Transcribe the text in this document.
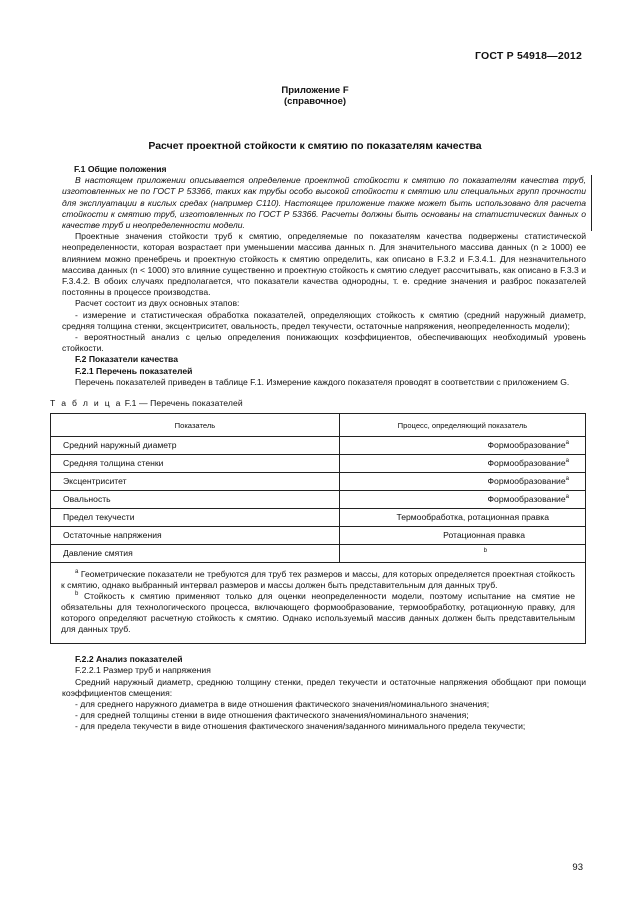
ГОСТ Р 54918—2012
Приложение F
(справочное)
Расчет проектной стойкости к смятию по показателям качества

F.1 Общие положения

В настоящем приложении описывается определение проектной стойкости к смятию по показателям качества труб, изготовленных не по ГОСТ Р 53366, таких как трубы особо высокой стойкости к смятию или специальных групп прочности для эксплуатации в кислых средах (например C110). Настоящее приложение также может быть использовано для расчета стойкости к смятию труб, изготовленных по ГОСТ Р 53366. Расчеты должны быть основаны на статистических данных о качестве труб и неопределенности модели.

Проектные значения стойкости труб к смятию, определяемые по показателям качества подвержены статистической неопределенности, которая возрастает при уменьшении массива данных n. Для значительного массива данных (n ≥ 1000) ее влиянием можно пренебречь и проектную стойкость к смятию определить, как описано в F.3.2 и F.3.4.1. Для незначительного массива данных (n < 1000) это влияние существенно и проектную стойкость к смятию следует рассчитывать, как описано в F.3.3 и F.3.4.2. В обоих случаях предполагается, что показатели качества однородны, т. е. средние значения и разброс показателей постоянны в процессе производства.

Расчет состоит из двух основных этапов:

- измерение и статистическая обработка показателей, определяющих стойкость к смятию (средний наружный диаметр, средняя толщина стенки, эксцентриситет, овальность, предел текучести, остаточные напряжения, неопределенность модели);

- вероятностный анализ с целью определения понижающих коэффициентов, обеспечивающих необходимый уровень стойкости.

F.2 Показатели качества

F.2.1 Перечень показателей

Перечень показателей приведен в таблице F.1. Измерение каждого показателя проводят в соответствии с приложением G.

Т а б л и ц а F.1 — Перечень показателей
Показатель	Процесс, определяющий показатель
Средний наружный диаметр	Формообразование$^a$
Средняя толщина стенки	Формообразование$^a$
Эксцентриситет	Формообразование$^a$
Овальность	Формообразование$^a$
Предел текучести	Термообработка, ротационная правка
Остаточные напряжения	Ротационная правка
Давление смятия	$^b$

$^a$ Геометрические показатели не требуются для труб тех размеров и массы, для которых определяется проектная стойкость к смятию, однако выбранный интервал размеров и массы должен быть представительным для данных труб.

$^b$ Стойкость к смятию применяют только для оценки неопределенности модели, поэтому испытание на смятие не обязательны для технологического процесса, включающего формообразование, термообработку, ротационную правку, для которого определяют расчетную стойкость к смятию. Однако используемый массив данных должен быть представительным для данных труб.	

F.2.2 Анализ показателей

F.2.2.1 Размер труб и напряжения

Средний наружный диаметр, среднюю толщину стенки, предел текучести и остаточные напряжения обобщают при помощи коэффициентов смещения:

- для среднего наружного диаметра в виде отношения фактического значения/номинального значения;

- для средней толщины стенки в виде отношения фактического значения/номинального значения;

- для предела текучести в виде отношения фактического значения/заданного минимального предела текучести;

93
